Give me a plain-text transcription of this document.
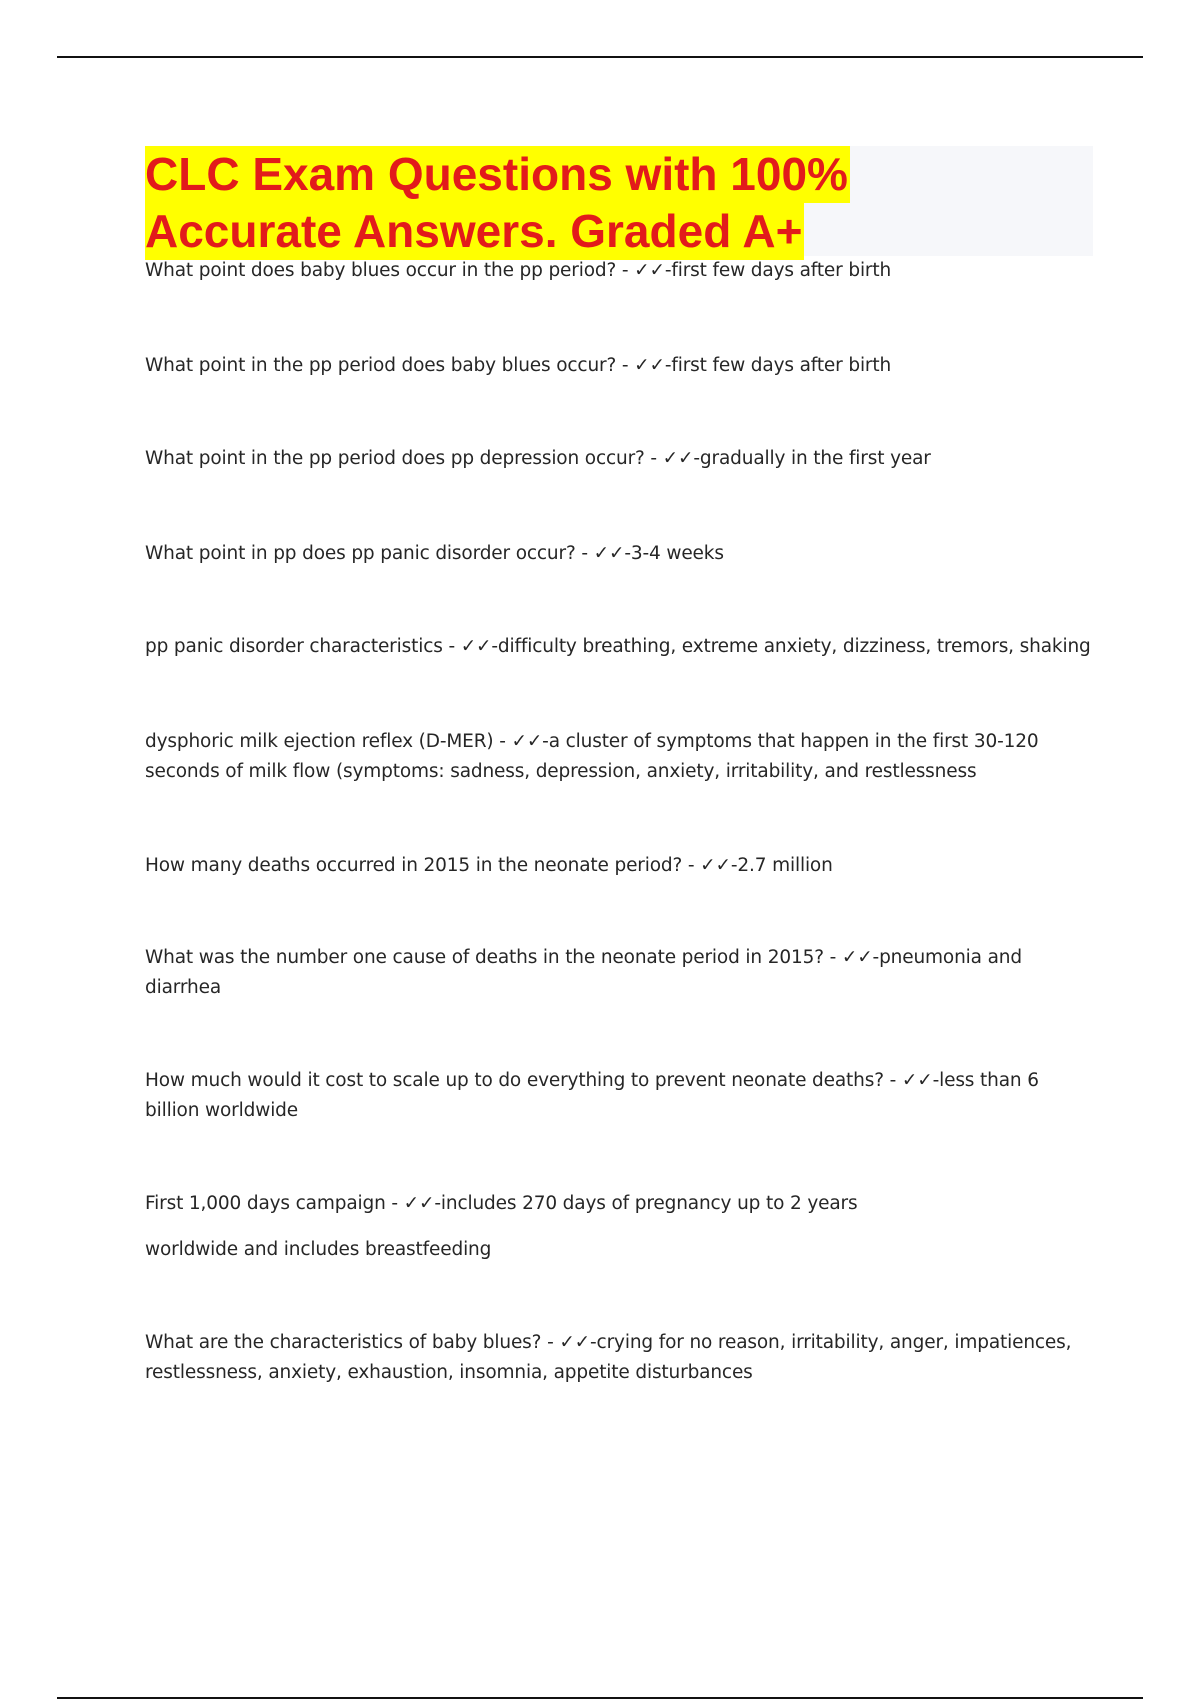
CLC Exam Questions with 100%
Accurate Answers. Graded A+

What point does baby blues occur in the pp period? - ✓✓-first few days after birth

What point in the pp period does baby blues occur? - ✓✓-first few days after birth

What point in the pp period does pp depression occur? - ✓✓-gradually in the first year

What point in pp does pp panic disorder occur? - ✓✓-3-4 weeks

pp panic disorder characteristics - ✓✓-difficulty breathing, extreme anxiety, dizziness, tremors, shaking

dysphoric milk ejection reflex (D-MER) - ✓✓-a cluster of symptoms that happen in the first 30-120 seconds of milk flow (symptoms: sadness, depression, anxiety, irritability, and restlessness

How many deaths occurred in 2015 in the neonate period? - ✓✓-2.7 million

What was the number one cause of deaths in the neonate period in 2015? - ✓✓-pneumonia and diarrhea

How much would it cost to scale up to do everything to prevent neonate deaths? - ✓✓-less than 6 billion worldwide

First 1,000 days campaign - ✓✓-includes 270 days of pregnancy up to 2 years

worldwide and includes breastfeeding

What are the characteristics of baby blues? - ✓✓-crying for no reason, irritability, anger, impatiences, restlessness, anxiety, exhaustion, insomnia, appetite disturbances
